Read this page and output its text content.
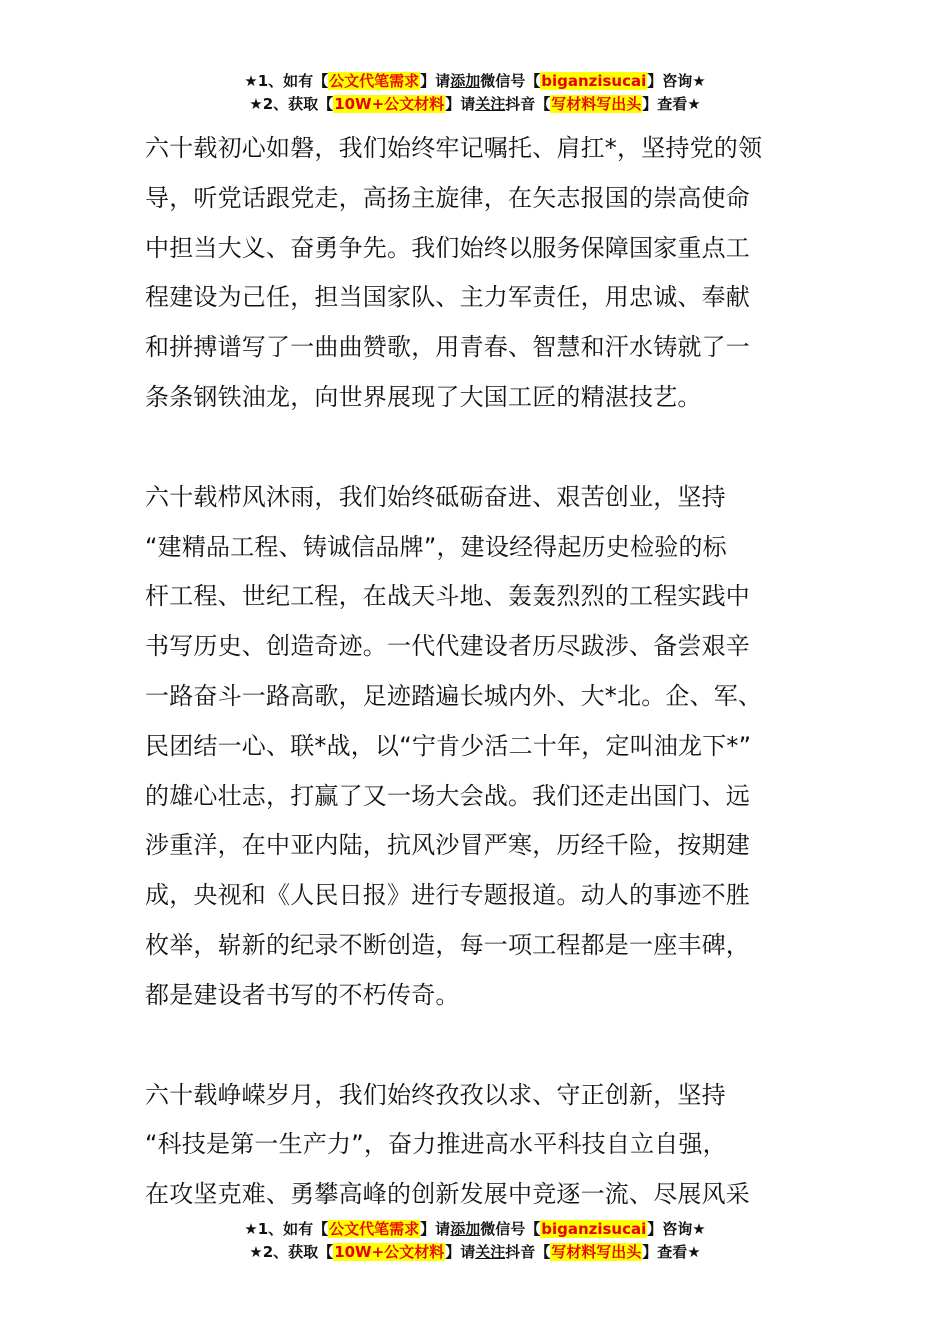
★1、如有【公文代笔需求】请添加微信号【biganzisucai】咨询★
★2、获取【10W+公文材料】请关注抖音【写材料写出头】查看★
六十载初心如磐，我们始终牢记嘱托、肩扛*，坚持党的领
导，听党话跟党走，高扬主旋律，在矢志报国的崇高使命
中担当大义、奋勇争先。我们始终以服务保障国家重点工
程建设为己任，担当国家队、主力军责任，用忠诚、奉献
和拼搏谱写了一曲曲赞歌，用青春、智慧和汗水铸就了一
条条钢铁油龙，向世界展现了大国工匠的精湛技艺。
六十载栉风沐雨，我们始终砥砺奋进、艰苦创业，坚持
“建精品工程、铸诚信品牌”，建设经得起历史检验的标
杆工程、世纪工程，在战天斗地、轰轰烈烈的工程实践中
书写历史、创造奇迹。一代代建设者历尽跋涉、备尝艰辛
一路奋斗一路高歌，足迹踏遍长城内外、大*北。企、军、
民团结一心、联*战，以“宁肯少活二十年，定叫油龙下*”
的雄心壮志，打赢了又一场大会战。我们还走出国门、远
涉重洋，在中亚内陆，抗风沙冒严寒，历经千险，按期建
成，央视和《人民日报》进行专题报道。动人的事迹不胜
枚举，崭新的纪录不断创造，每一项工程都是一座丰碑，
都是建设者书写的不朽传奇。
六十载峥嵘岁月，我们始终孜孜以求、守正创新，坚持
“科技是第一生产力”，奋力推进高水平科技自立自强，
在攻坚克难、勇攀高峰的创新发展中竞逐一流、尽展风采
★1、如有【公文代笔需求】请添加微信号【biganzisucai】咨询★
★2、获取【10W+公文材料】请关注抖音【写材料写出头】查看★
